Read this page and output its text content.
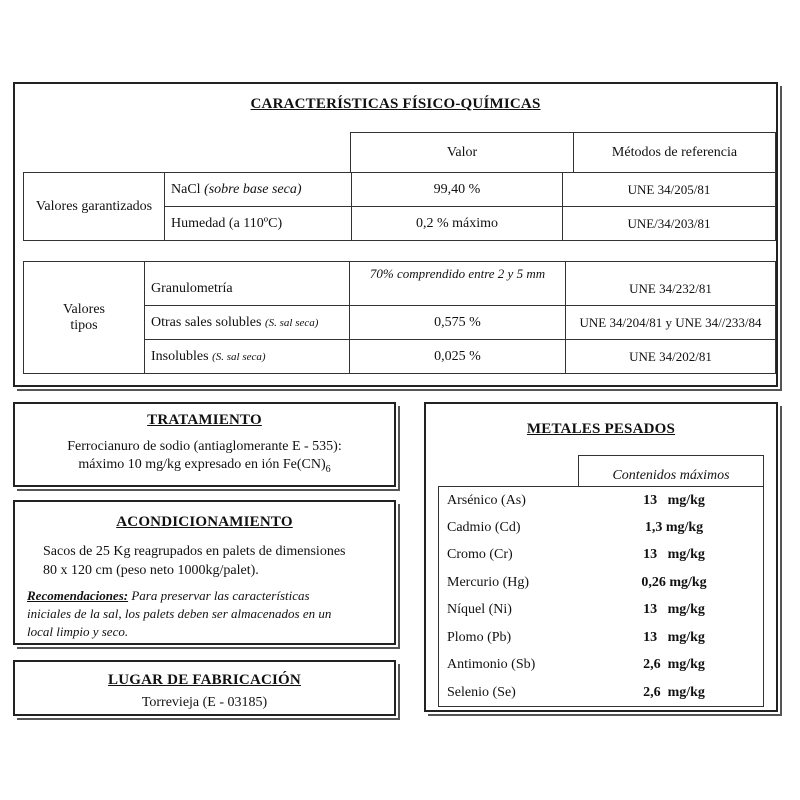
CARACTERÍSTICAS FÍSICO-QUÍMICAS
Valor	Métodos de referencia
Valores garantizados	NaCl (sobre base seca)	99,40 %	UNE 34/205/81
	Humedad (a 110ºC)	0,2 % máximo	UNE/34/203/81
Valores tipos	Granulometría	70% comprendido entre 2 y 5 mm	UNE 34/232/81
	Otras sales solubles (S. sal seca)	0,575 %	UNE 34/204/81 y UNE 34//233/84
	Insolubles (S. sal seca)	0,025 %	UNE 34/202/81
TRATAMIENTO

Ferrocianuro de sodio (antiaglomerante E - 535):

máximo 10 mg/kg expresado en ión $Fe(CN)_6$

ACONDICIONAMIENTO

Sacos de 25 Kg reagrupados en palets de dimensiones

80 x 120 cm (peso neto 1000kg/palet).

Recomendaciones: Para preservar las características

iniciales de la sal, los palets deben ser almacenados en un

local limpio y seco.

LUGAR DE FABRICACIÓN
Torrevieja (E - 03185)
METALES PESADOS
Contenidos máximos
Arsénico (As)	13   mg/kg
Cadmio (Cd)	1,3 mg/kg
Cromo (Cr)	13   mg/kg
Mercurio (Hg)	0,26 mg/kg
Níquel (Ni)	13   mg/kg
Plomo (Pb)	13   mg/kg
Antimonio (Sb)	2,6  mg/kg
Selenio (Se)	2,6  mg/kg
